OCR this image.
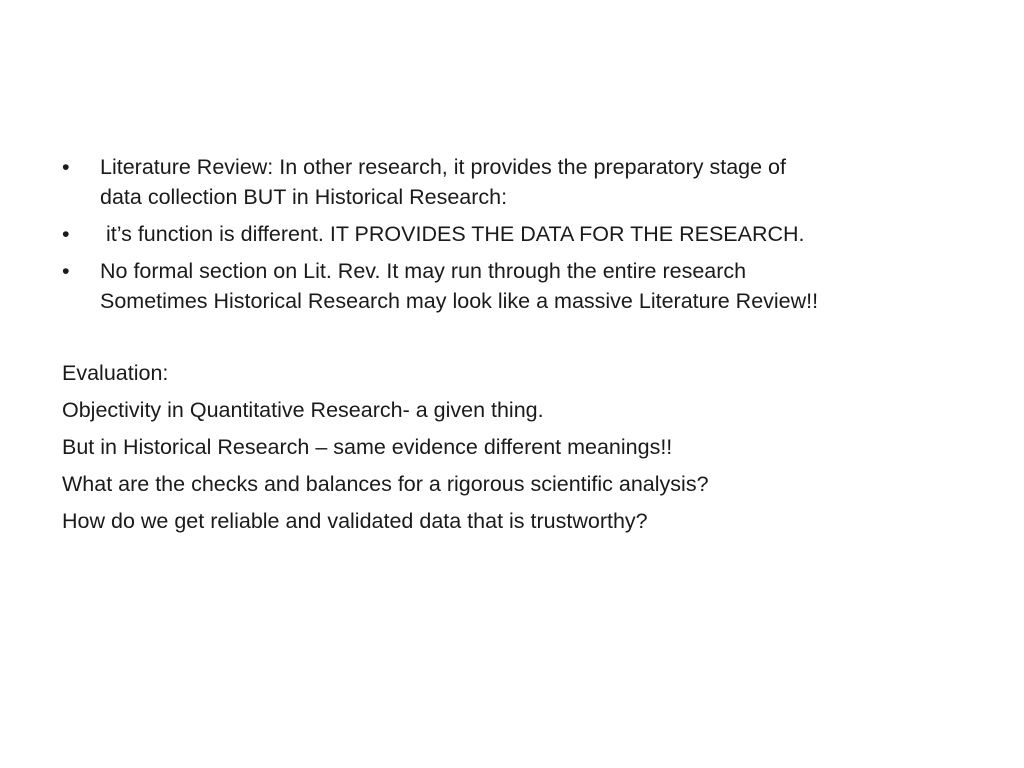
•	Literature Review: In other research, it provides the preparatory stage of
data collection BUT in Historical Research:
•	it’s function is different. IT PROVIDES THE DATA FOR THE RESEARCH.
•	No formal section on Lit. Rev. It may run through the entire research
Sometimes Historical Research may look like a massive Literature Review!!
Evaluation:
Objectivity in Quantitative Research- a given thing.
But in Historical Research – same evidence different meanings!!
What are the checks and balances for a rigorous scientific analysis?
How do we get reliable and validated data that is trustworthy?
